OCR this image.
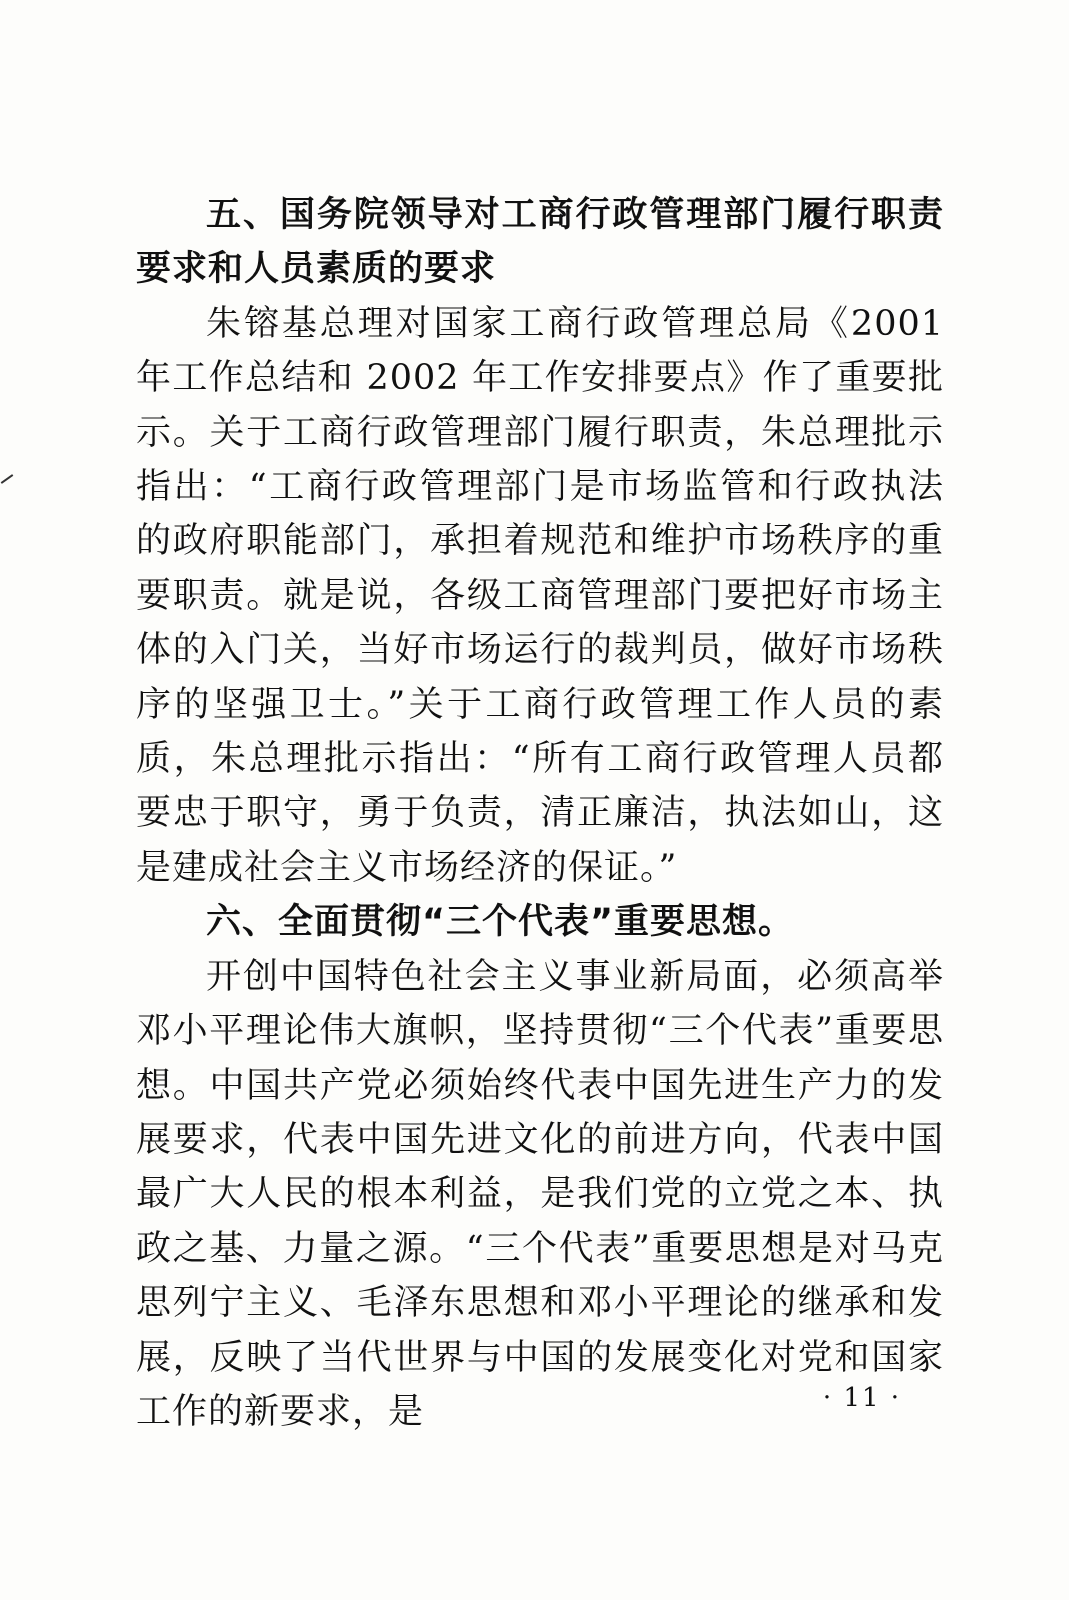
五、国务院领导对工商行政管理部门履行职责要求和人员素质的要求

朱镕基总理对国家工商行政管理总局《2001 年工作总结和 2002 年工作安排要点》作了重要批示。关于工商行政管理部门履行职责，朱总理批示指出：“工商行政管理部门是市场监管和行政执法的政府职能部门，承担着规范和维护市场秩序的重要职责。就是说，各级工商管理部门要把好市场主体的入门关，当好市场运行的裁判员，做好市场秩序的坚强卫士。”关于工商行政管理工作人员的素质，朱总理批示指出：“所有工商行政管理人员都要忠于职守，勇于负责，清正廉洁，执法如山，这是建成社会主义市场经济的保证。”

六、全面贯彻“三个代表”重要思想。

开创中国特色社会主义事业新局面，必须高举邓小平理论伟大旗帜，坚持贯彻“三个代表”重要思想。中国共产党必须始终代表中国先进生产力的发展要求，代表中国先进文化的前进方向，代表中国最广大人民的根本利益，是我们党的立党之本、执政之基、力量之源。“三个代表”重要思想是对马克思列宁主义、毛泽东思想和邓小平理论的继承和发展，反映了当代世界与中国的发展变化对党和国家工作的新要求，是	· 11 ·
